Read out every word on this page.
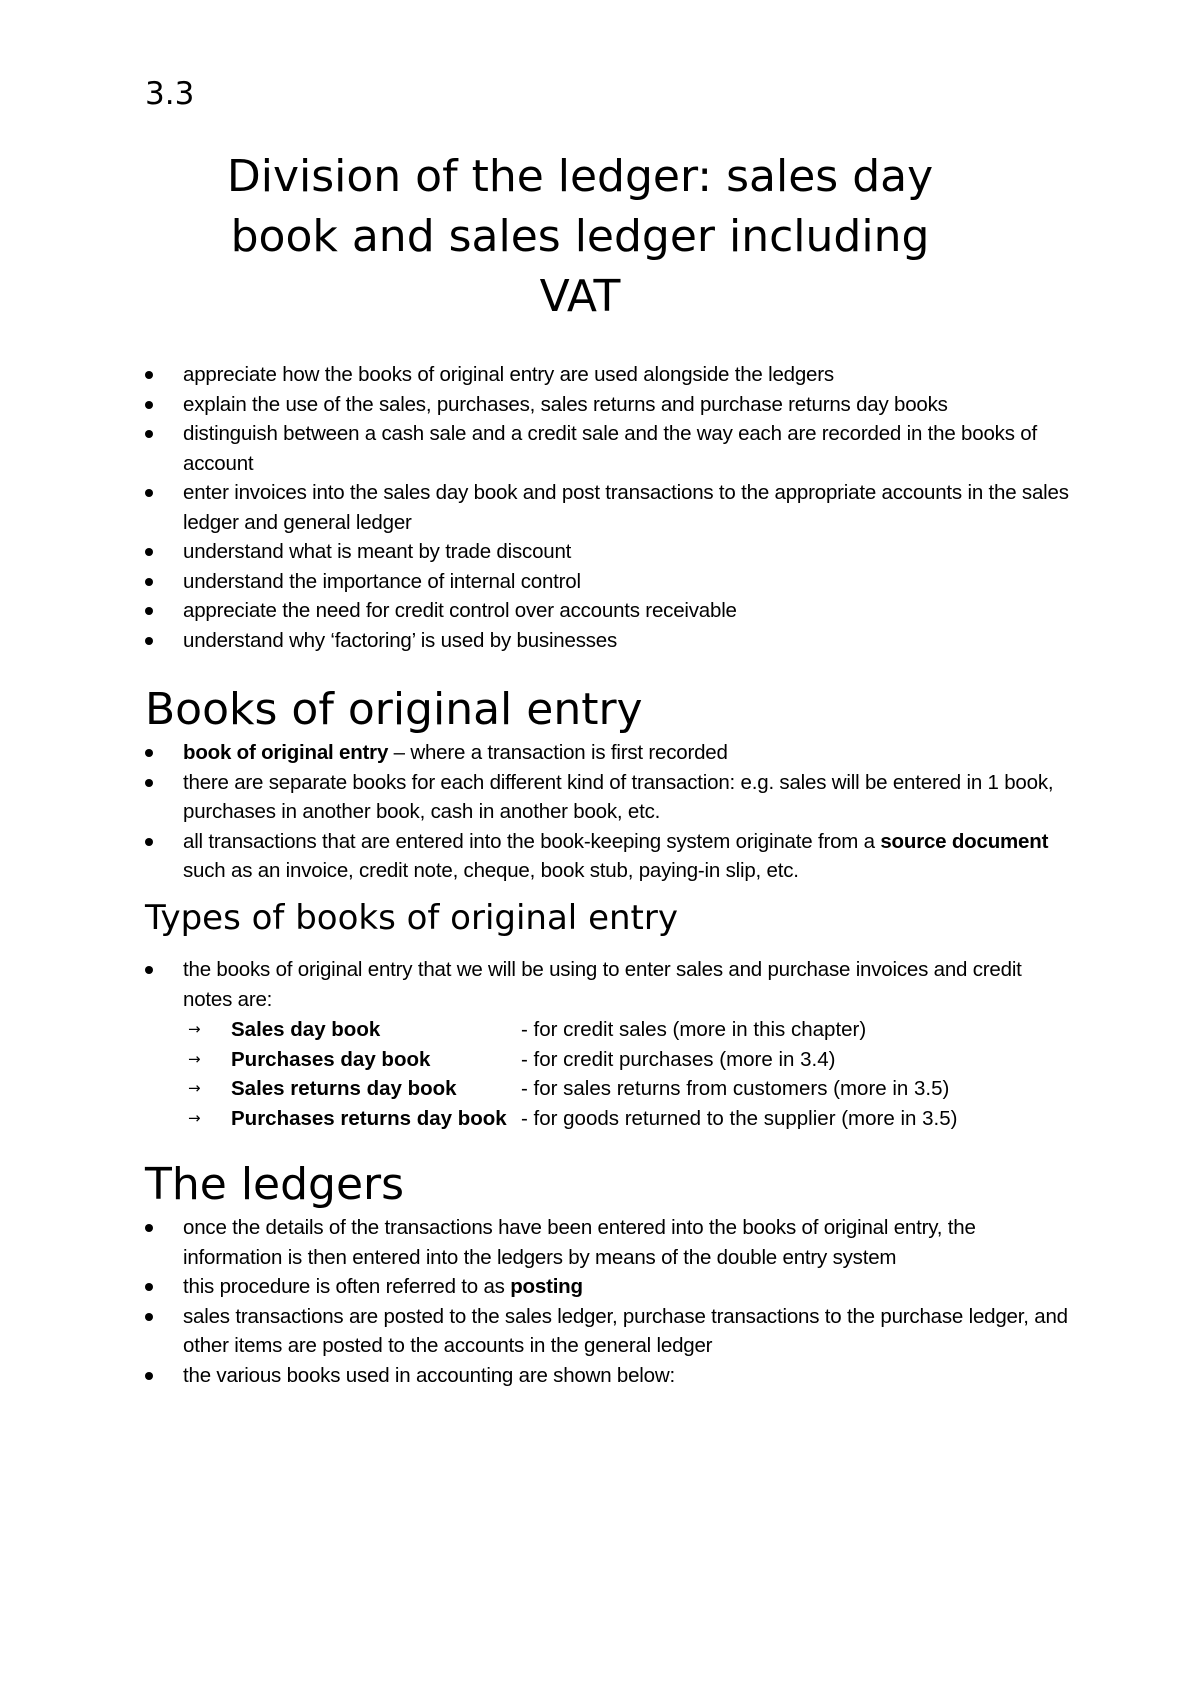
3.3
Division of the ledger: sales day
book and sales ledger including
VAT
appreciate how the books of original entry are used alongside the ledgers
explain the use of the sales, purchases, sales returns and purchase returns day books
distinguish between a cash sale and a credit sale and the way each are recorded in the books of account
enter invoices into the sales day book and post transactions to the appropriate accounts in the sales ledger and general ledger
understand what is meant by trade discount
understand the importance of internal control
appreciate the need for credit control over accounts receivable
understand why ‘factoring’ is used by businesses
Books of original entry
book of original entry – where a transaction is first recorded
there are separate books for each different kind of transaction: e.g. sales will be entered in 1 book, purchases in another book, cash in another book, etc.
all transactions that are entered into the book-keeping system originate from a source document such as an invoice, credit note, cheque, book stub, paying-in slip, etc.
Types of books of original entry
the books of original entry that we will be using to enter sales and purchase invoices and credit notes are:
→	Sales day book	- for credit sales (more in this chapter)
→	Purchases day book	- for credit purchases (more in 3.4)
→	Sales returns day book	- for sales returns from customers (more in 3.5)
→	Purchases returns day book - for goods returned to the supplier (more in 3.5)
The ledgers
once the details of the transactions have been entered into the books of original entry, the information is then entered into the ledgers by means of the double entry system
this procedure is often referred to as posting
sales transactions are posted to the sales ledger, purchase transactions to the purchase ledger, and other items are posted to the accounts in the general ledger
the various books used in accounting are shown below:
